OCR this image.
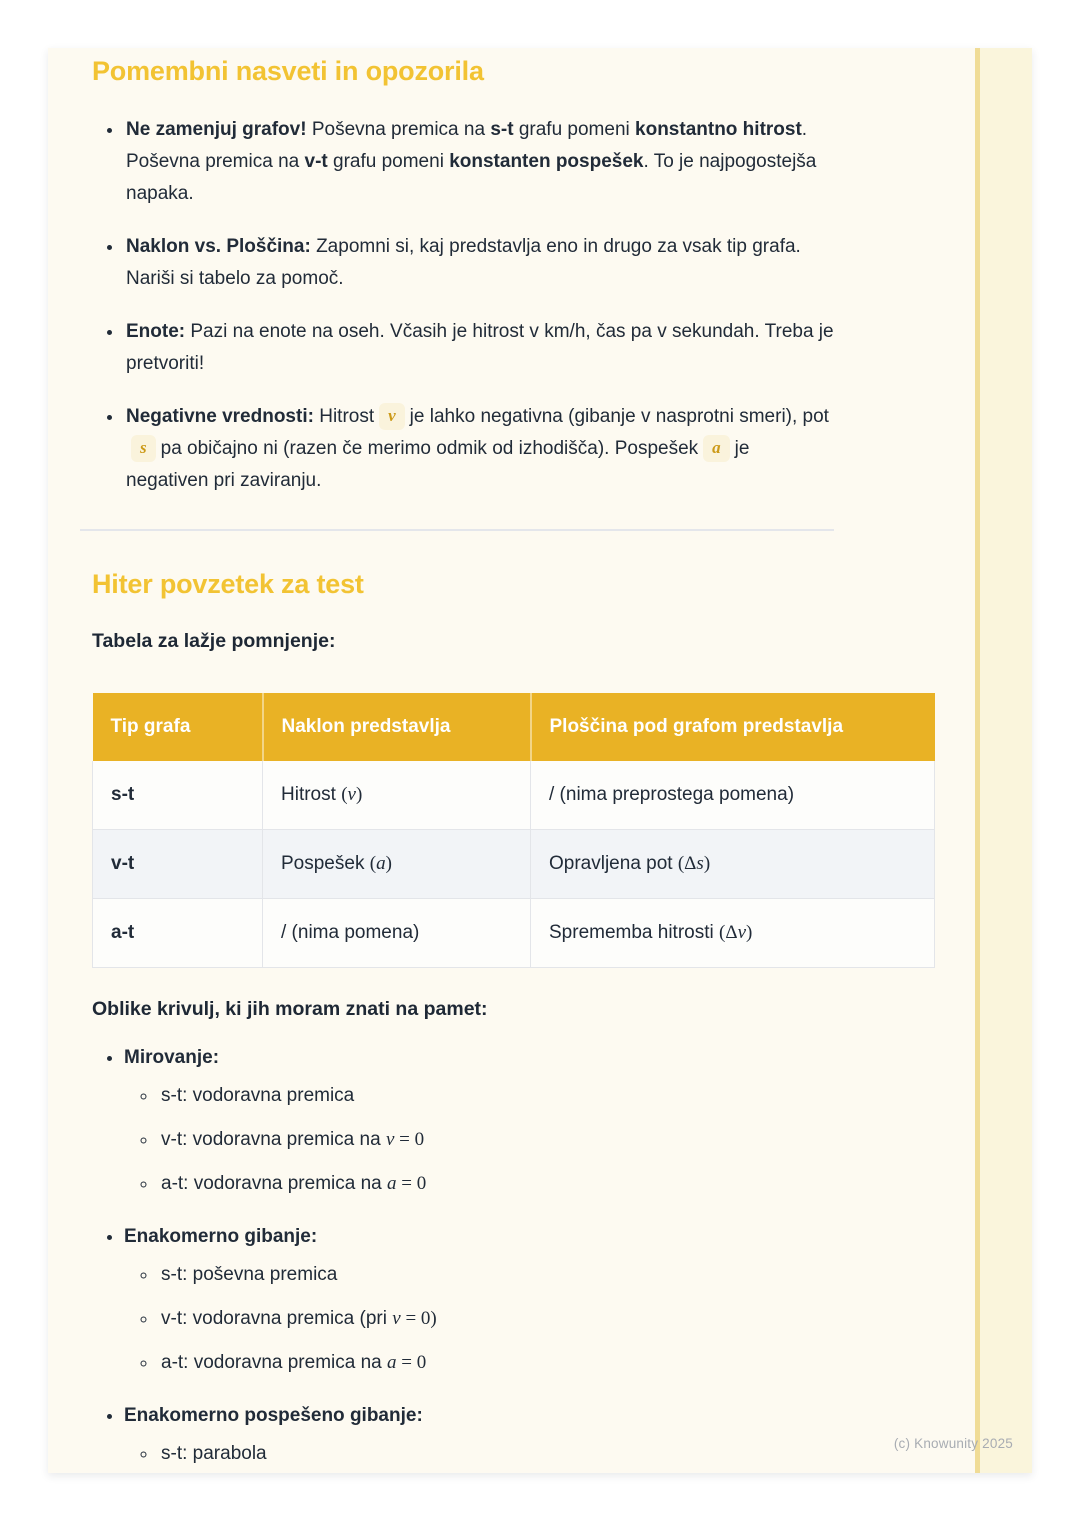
Pomembni nasveti in opozorila
• Ne zamenjuj grafov! Poševna premica na s-t grafu pomeni konstantno hitrost. Poševna premica na v-t grafu pomeni konstanten pospešek. To je najpogostejša napaka.
• Naklon vs. Ploščina: Zapomni si, kaj predstavlja eno in drugo za vsak tip grafa. Nariši si tabelo za pomoč.
• Enote: Pazi na enote na oseh. Včasih je hitrost v km/h, čas pa v sekundah. Treba je pretvoriti!
• Negativne vrednosti: Hitrost v je lahko negativna (gibanje v nasprotni smeri), pots pa običajno ni (razen če merimo odmik od izhodišča). Pospešek a je negativen pri zaviranju.
Hiter povzetek za test

Tabela za lažje pomnjenje:

Tip grafa	Naklon predstavlja	Ploščina pod grafom predstavlja
s-t	Hitrost (v)	/ (nima preprostega pomena)
v-t	Pospešek (a)	Opravljena pot (Δs)
a-t	/ (nima pomena)	Sprememba hitrosti (Δv)

Oblike krivulj, ki jih moram znati na pamet:

• Mirovanje:
◦ s-t: vodoravna premica
◦ v-t: vodoravna premica na v = 0
◦ a-t: vodoravna premica na a = 0
• Enakomerno gibanje:
◦ s-t: poševna premica
◦ v-t: vodoravna premica (pri v = 0)
◦ a-t: vodoravna premica na a = 0
• Enakomerno pospešeno gibanje:
◦ s-t: parabola	(c) Knowunity 2025
